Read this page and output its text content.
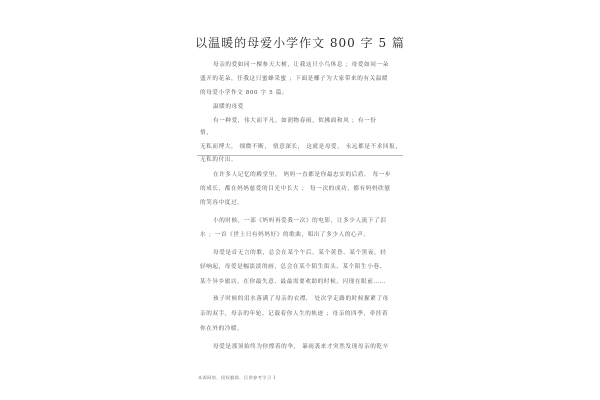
以温暖的母爱小学作文 800 字 5 篇
母亲的爱如同一棵参天大树，让我这只小鸟休息 ；母爱如同一朵
盛开的花朵，任我这只蜜蜂采蜜 ；下面是椰子为大家带来的有关温暖
的母爱小学作文 800 字 5 篇。
温暖的母爱
有一种爱，伟大而平凡，如润物春雨，似拂面和风 ；有一份
情，
无私而博大， 细微不断， 情意深长， 这就是母爱， 永远都是不求回报，
无私的付出。
在许多人记忆的殿堂里， 妈妈一直都是你最忠实的后盾， 每一步
的成长，都在妈妈慈爱的目光中长大 ； 每一次的成功，都有妈妈欣慰
的笑容中度过。
小的时候，一部《妈妈再爱我一次》的电影，让多少人流下了泪
水 ；一首《世上只有妈妈好》的歌曲，唱出了多少人的心声。
母爱是首无言的歌，总会在某个午后、某个黄昏、某个黑夜，轻
轻响起，母爱是幅淡淡的画，总会在某个陌生街头、某个陌生小巷、
某个异乡旅店，在你最失意、最最需要欢助的时候，闪现在眼前……
孩子时候的泪水落满了母亲的衣襟， 处次学走路的时候握紧了母
亲的双手，母亲的年轮，记载着你人生的轨迹 ；母亲的四季，牵挂着
你在外的冷暖。
母爱是那顶始终为你撑着的伞， 暴雨袭来才突然发现母亲的乾卒
本源网络，侵权删除，仅供参考学习 1
